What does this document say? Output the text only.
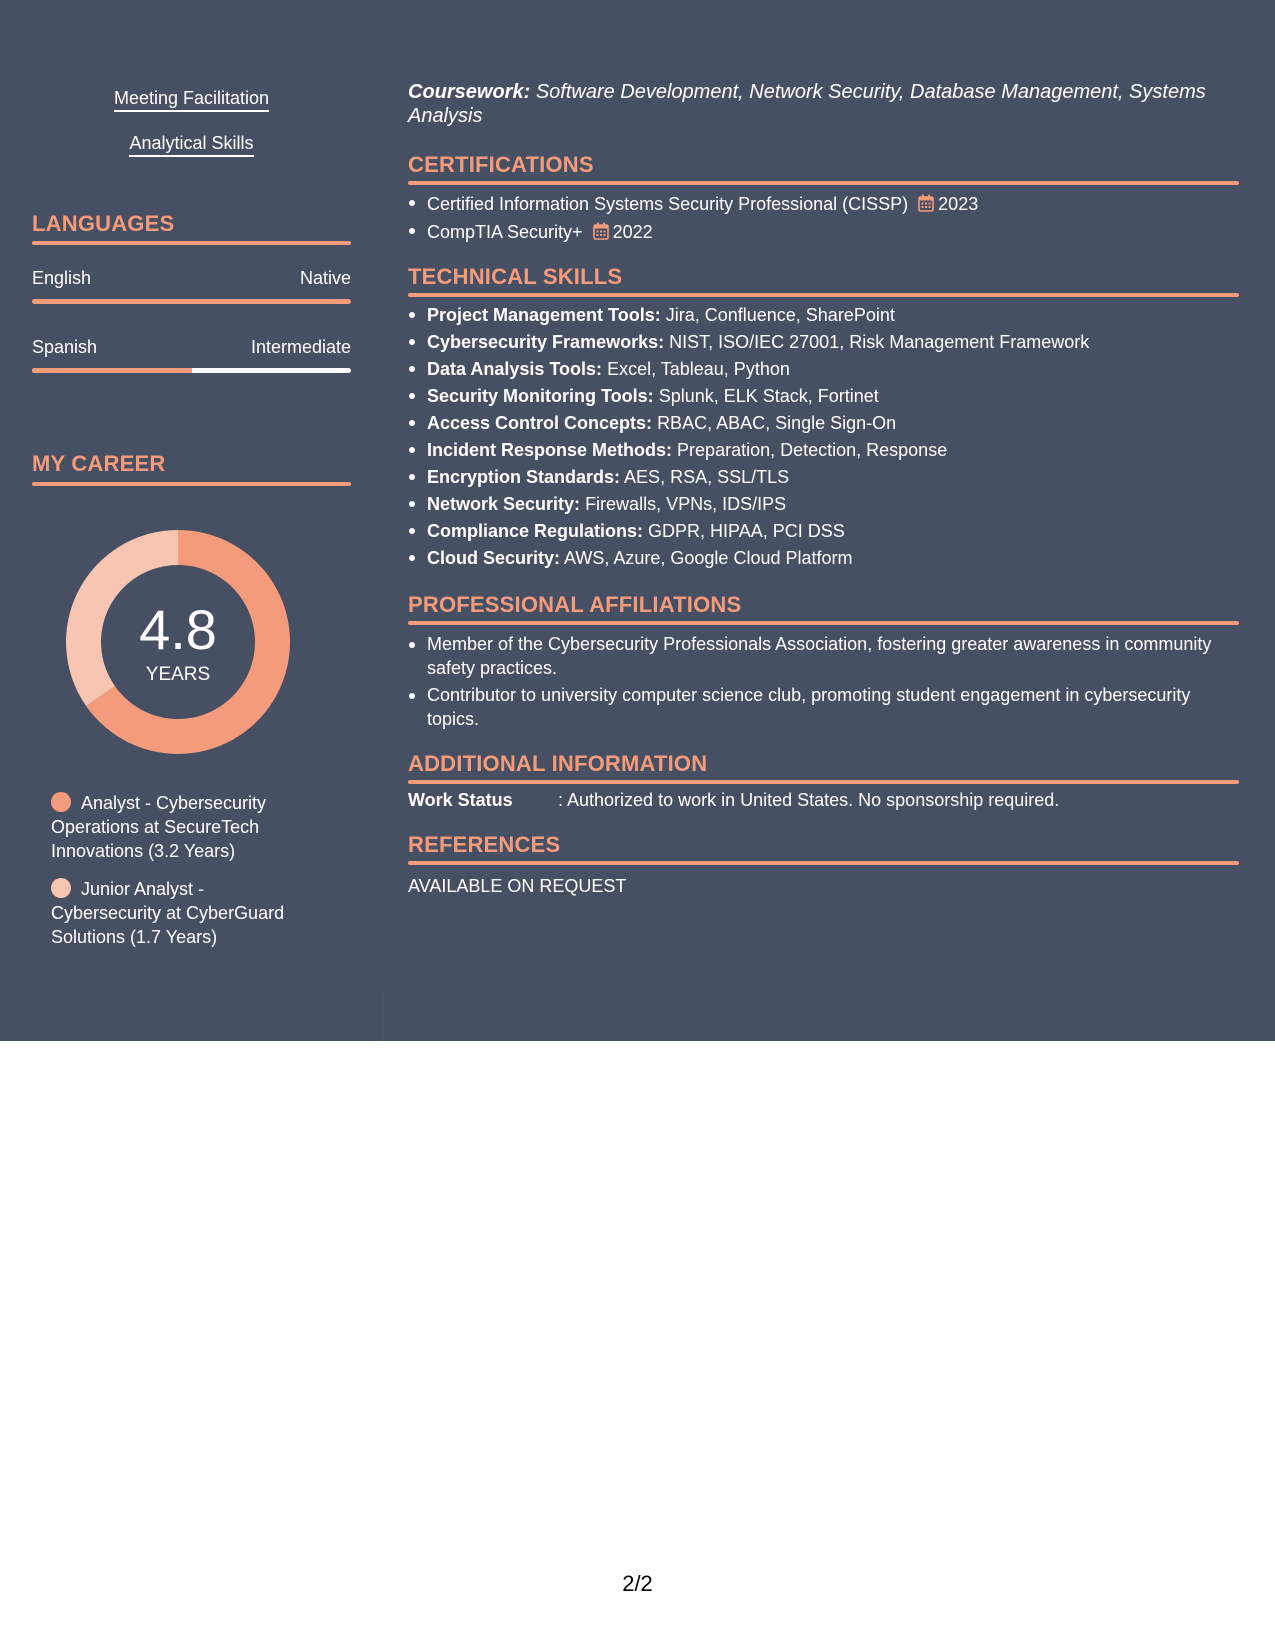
Meeting Facilitation
Analytical Skills
LANGUAGES
English	Native
Spanish	Intermediate
MY CAREER
4.8
YEARS
Analyst - Cybersecurity Operations at SecureTech Innovations (3.2 Years)
Junior Analyst - Cybersecurity at CyberGuard Solutions (1.7 Years)
Coursework: Software Development, Network Security, Database Management, Systems Analysis
CERTIFICATIONS
Certified Information Systems Security Professional (CISSP) 2023
CompTIA Security+ 2022
TECHNICAL SKILLS
Project Management Tools: Jira, Confluence, SharePoint
Cybersecurity Frameworks: NIST, ISO/IEC 27001, Risk Management Framework
Data Analysis Tools: Excel, Tableau, Python
Security Monitoring Tools: Splunk, ELK Stack, Fortinet
Access Control Concepts: RBAC, ABAC, Single Sign-On
Incident Response Methods: Preparation, Detection, Response
Encryption Standards: AES, RSA, SSL/TLS
Network Security: Firewalls, VPNs, IDS/IPS
Compliance Regulations: GDPR, HIPAA, PCI DSS
Cloud Security: AWS, Azure, Google Cloud Platform
PROFESSIONAL AFFILIATIONS
Member of the Cybersecurity Professionals Association, fostering greater awareness in community safety practices.
Contributor to university computer science club, promoting student engagement in cybersecurity topics.
ADDITIONAL INFORMATION
Work Status	: Authorized to work in United States. No sponsorship required.
REFERENCES
AVAILABLE ON REQUEST
2/2
